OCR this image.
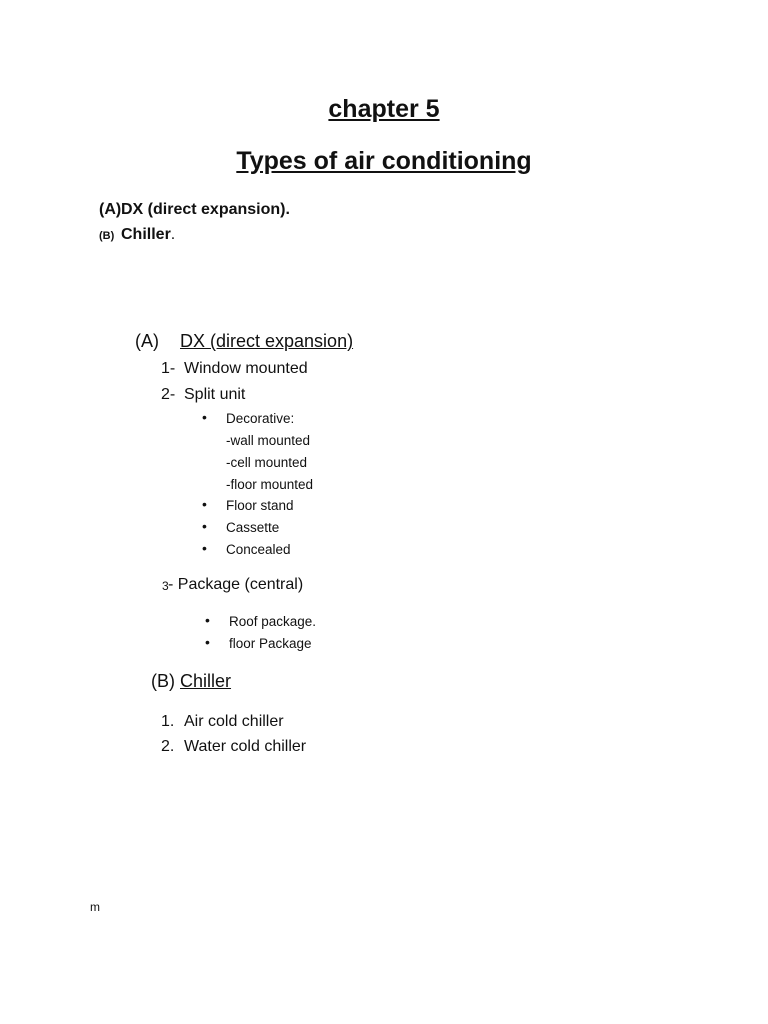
chapter 5
Types of air conditioning
(A)DX (direct expansion).
(B) Chiller.
(A) DX (direct expansion)
1- Window mounted
2- Split unit
• Decorative:
-wall mounted
-cell mounted
-floor mounted
• Floor stand
• Cassette
• Concealed
3 - Package (central)
• Roof package.
• floor Package
(B) Chiller
1. Air cold chiller
2. Water cold chiller
m
